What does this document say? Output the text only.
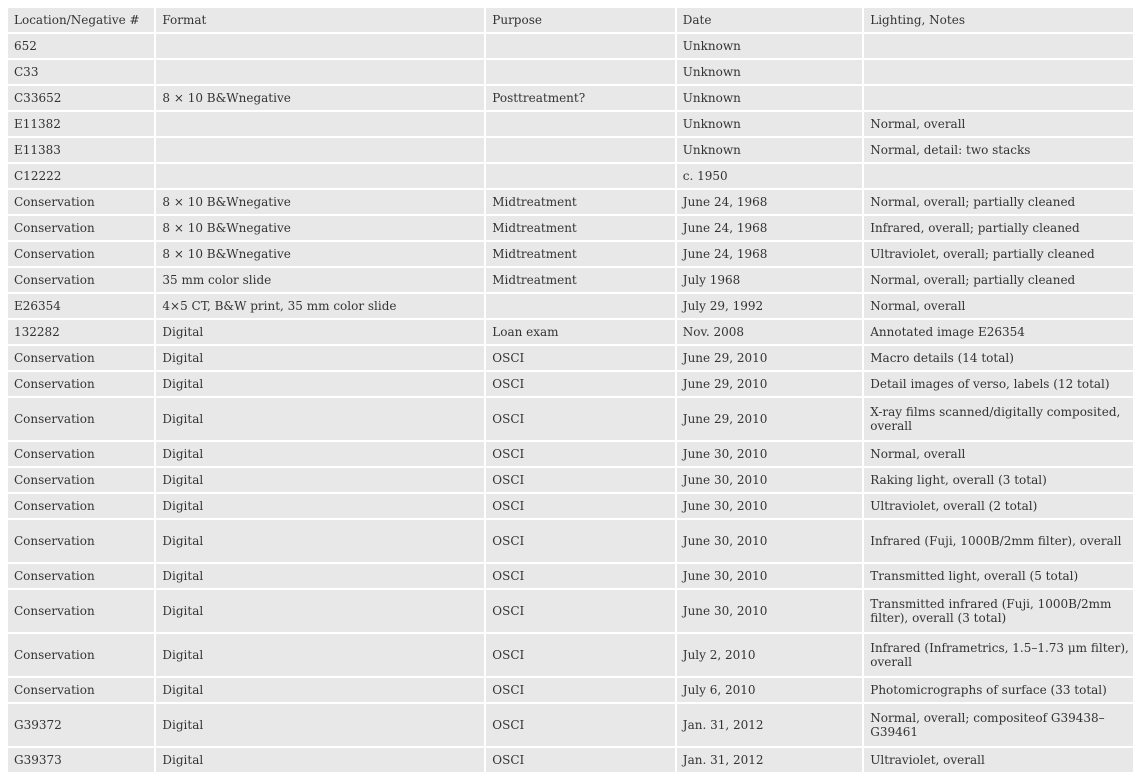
Location/Negative #	Format	Purpose	Date	Lighting, Notes
652			Unknown	
C33			Unknown	
C33652	8 × 10 B&Wnegative	Posttreatment?	Unknown	
E11382			Unknown	Normal, overall
E11383			Unknown	Normal, detail: two stacks
C12222			c. 1950	
Conservation	8 × 10 B&Wnegative	Midtreatment	June 24, 1968	Normal, overall; partially cleaned
Conservation	8 × 10 B&Wnegative	Midtreatment	June 24, 1968	Infrared, overall; partially cleaned
Conservation	8 × 10 B&Wnegative	Midtreatment	June 24, 1968	Ultraviolet, overall; partially cleaned
Conservation	35 mm color slide	Midtreatment	July 1968	Normal, overall; partially cleaned
E26354	4×5 CT, B&W print, 35 mm color slide		July 29, 1992	Normal, overall
132282	Digital	Loan exam	Nov. 2008	Annotated image E26354
Conservation	Digital	OSCI	June 29, 2010	Macro details (14 total)
Conservation	Digital	OSCI	June 29, 2010	Detail images of verso, labels (12 total)
Conservation	Digital	OSCI	June 29, 2010	X-ray films scanned/digitally composited, overall
Conservation	Digital	OSCI	June 30, 2010	Normal, overall
Conservation	Digital	OSCI	June 30, 2010	Raking light, overall (3 total)
Conservation	Digital	OSCI	June 30, 2010	Ultraviolet, overall (2 total)
Conservation	Digital	OSCI	June 30, 2010	Infrared (Fuji, 1000B/2mm filter), overall
Conservation	Digital	OSCI	June 30, 2010	Transmitted light, overall (5 total)
Conservation	Digital	OSCI	June 30, 2010	Transmitted infrared (Fuji, 1000B/2mm filter), overall (3 total)
Conservation	Digital	OSCI	July 2, 2010	Infrared (Inframetrics, 1.5–1.73 μm filter), overall
Conservation	Digital	OSCI	July 6, 2010	Photomicrographs of surface (33 total)
G39372	Digital	OSCI	Jan. 31, 2012	Normal, overall; compositeof G39438–G39461
G39373	Digital	OSCI	Jan. 31, 2012	Ultraviolet, overall
